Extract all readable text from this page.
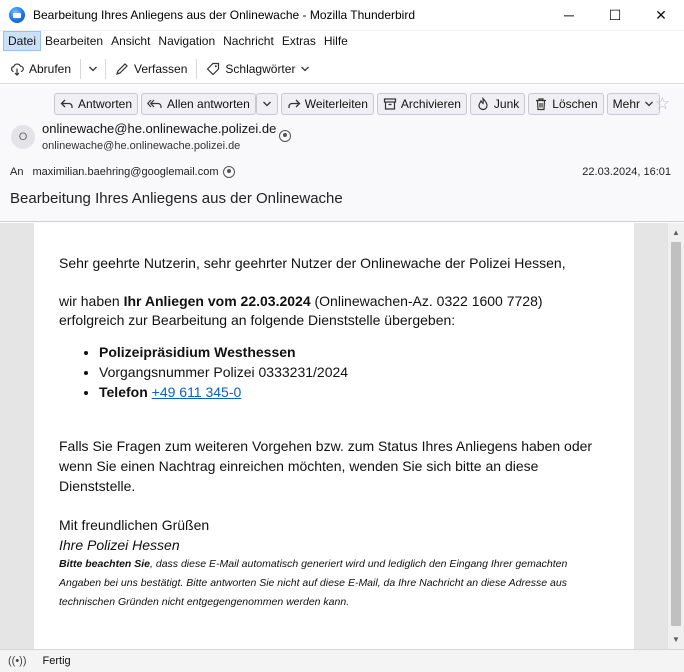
Bearbeitung Ihres Anliegens aus der Onlinewache - Mozilla Thunderbird	─	☐	✕
Datei Bearbeiten Ansicht Navigation Nachricht Extras Hilfe
Abrufen	Verfassen	Schlagwörter
Antworten	Allen antworten	Weiterleiten	Archivieren	Junk	Löschen Mehr ☆
O
onlinewache@he.onlinewache.polizei.de
onlinewache@he.onlinewache.polizei.de
An maximilian.baehring@googlemail.com	22.03.2024, 16:01
Bearbeitung Ihres Anliegens aus der Onlinewache

Sehr geehrte Nutzerin, sehr geehrter Nutzer der Onlinewache der Polizei Hessen,

wir haben Ihr Anliegen vom 22.03.2024 (Onlinewachen-Az. 0322 1600 7728)

erfolgreich zur Bearbeitung an folgende Dienststelle übergeben:

• Polizeipräsidium Westhessen
• Vorgangsnummer Polizei 0333231/2024
• Telefon +49 611 345-0

Falls Sie Fragen zum weiteren Vorgehen bzw. zum Status Ihres Anliegens haben oder wenn Sie einen Nachtrag einreichen möchten, wenden Sie sich bitte an diese Dienststelle.

Mit freundlichen Grüßen

Ihre Polizei Hessen

Bitte beachten Sie, dass diese E-Mail automatisch generiert wird und lediglich den Eingang Ihrer gemachten Angaben bei uns bestätigt. Bitte antworten Sie nicht auf diese E-Mail, da Ihre Nachricht an diese Adresse aus technischen Gründen nicht entgegengenommen werden kann.

▲
▼
((•)) Fertig
